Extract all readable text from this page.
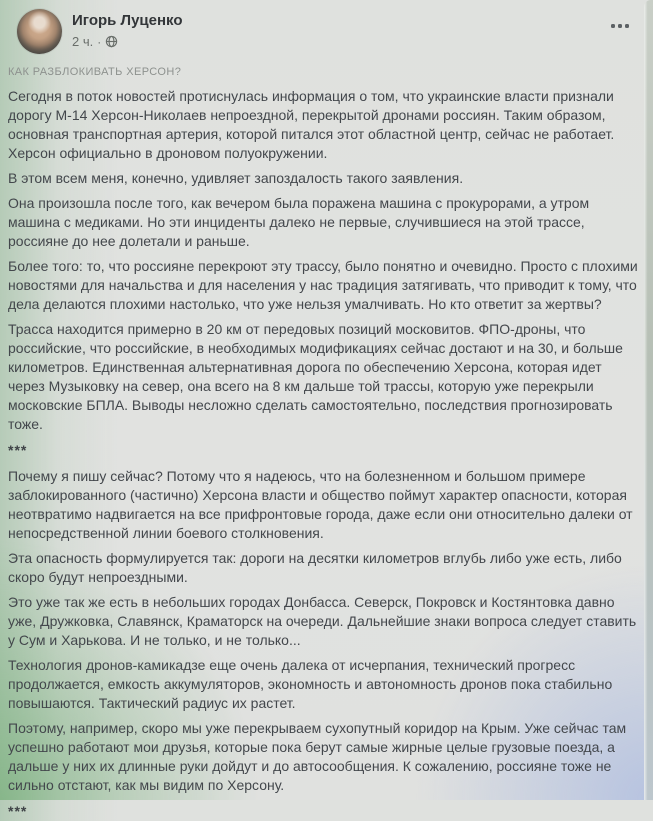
Игорь Луценко
2 ч. ·
КАК РАЗБЛОКИВАТЬ ХЕРСОН?

Сегодня в поток новостей протиснулась информация о том, что украинские власти признали дорогу М-14 Херсон-Николаев непроездной, перекрытой дронами россиян. Таким образом, основная транспортная артерия, которой питался этот областной центр, сейчас не работает. Херсон официально в дроновом полуокружении.

В этом всем меня, конечно, удивляет запоздалость такого заявления.

Она произошла после того, как вечером была поражена машина с прокурорами, а утром машина с медиками. Но эти инциденты далеко не первые, случившиеся на этой трассе, россияне до нее долетали и раньше.

Более того: то, что россияне перекроют эту трассу, было понятно и очевидно. Просто с плохими новостями для начальства и для населения у нас традиция затягивать, что приводит к тому, что дела делаются плохими настолько, что уже нельзя умалчивать. Но кто ответит за жертвы?

Трасса находится примерно в 20 км от передовых позиций московитов. ФПО-дроны, что российские, что российские, в необходимых модификациях сейчас достают и на 30, и больше километров. Единственная альтернативная дорога по обеспечению Херсона, которая идет через Музыковку на север, она всего на 8 км дальше той трассы, которую уже перекрыли московские БПЛА. Выводы несложно сделать самостоятельно, последствия прогнозировать тоже.

***

Почему я пишу сейчас? Потому что я надеюсь, что на болезненном и большом примере заблокированного (частично) Херсона власти и общество поймут характер опасности, которая неотвратимо надвигается на все прифронтовые города, даже если они относительно далеки от непосредственной линии боевого столкновения.

Эта опасность формулируется так: дороги на десятки километров вглубь либо уже есть, либо скоро будут непроездными.

Это уже так же есть в небольших городах Донбасса. Северск, Покровск и Костянтовка давно уже, Дружковка, Славянск, Краматорск на очереди. Дальнейшие знаки вопроса следует ставить у Сум и Харькова. И не только, и не только...

Технология дронов-камикадзе еще очень далека от исчерпания, технический прогресс продолжается, емкость аккумуляторов, экономность и автономность дронов пока стабильно повышаются. Тактический радиус их растет.

Поэтому, например, скоро мы уже перекрываем сухопутный коридор на Крым. Уже сейчас там успешно работают мои друзья, которые пока берут самые жирные целые грузовые поезда, а дальше у них их длинные руки дойдут и до автосообщения. К сожалению, россияне тоже не сильно отстают, как мы видим по Херсону.

***
